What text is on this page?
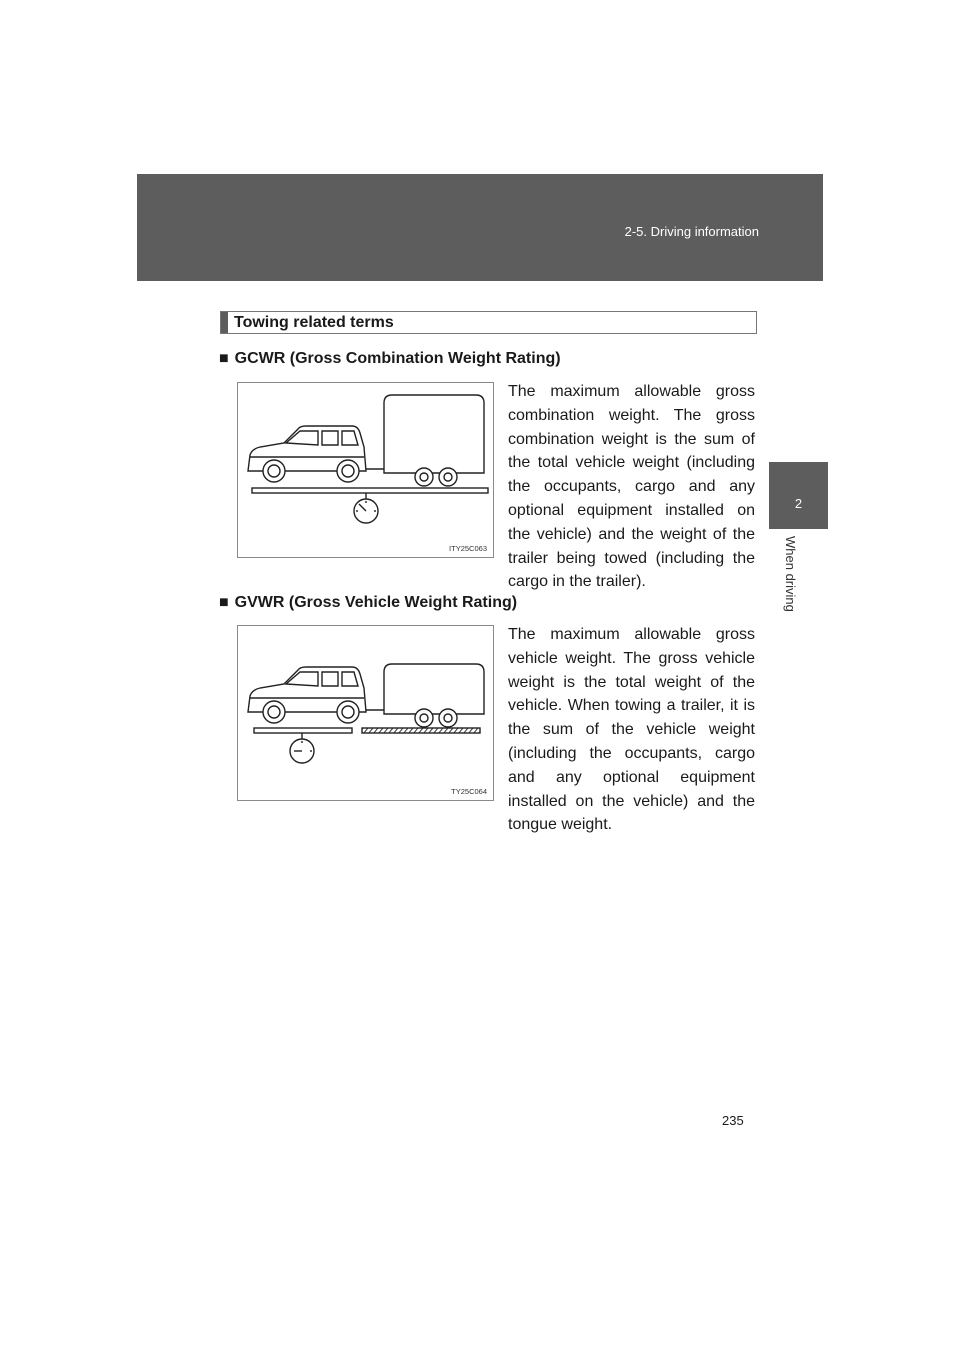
2-5. Driving information
2
When driving
Towing related terms
■ GCWR (Gross Combination Weight Rating)
ITY25C063
The maximum allowable gross combination weight. The gross combination weight is the sum of the total vehicle weight (including the occupants, cargo and any optional equipment installed on the vehicle) and the weight of the trailer being towed (including the cargo in the trailer).
■ GVWR (Gross Vehicle Weight Rating)
TY25C064
The maximum allowable gross vehicle weight. The gross vehicle weight is the total weight of the vehicle. When towing a trailer, it is the sum of the vehicle weight (including the occupants, cargo and any optional equipment installed on the vehicle) and the tongue weight.
235
